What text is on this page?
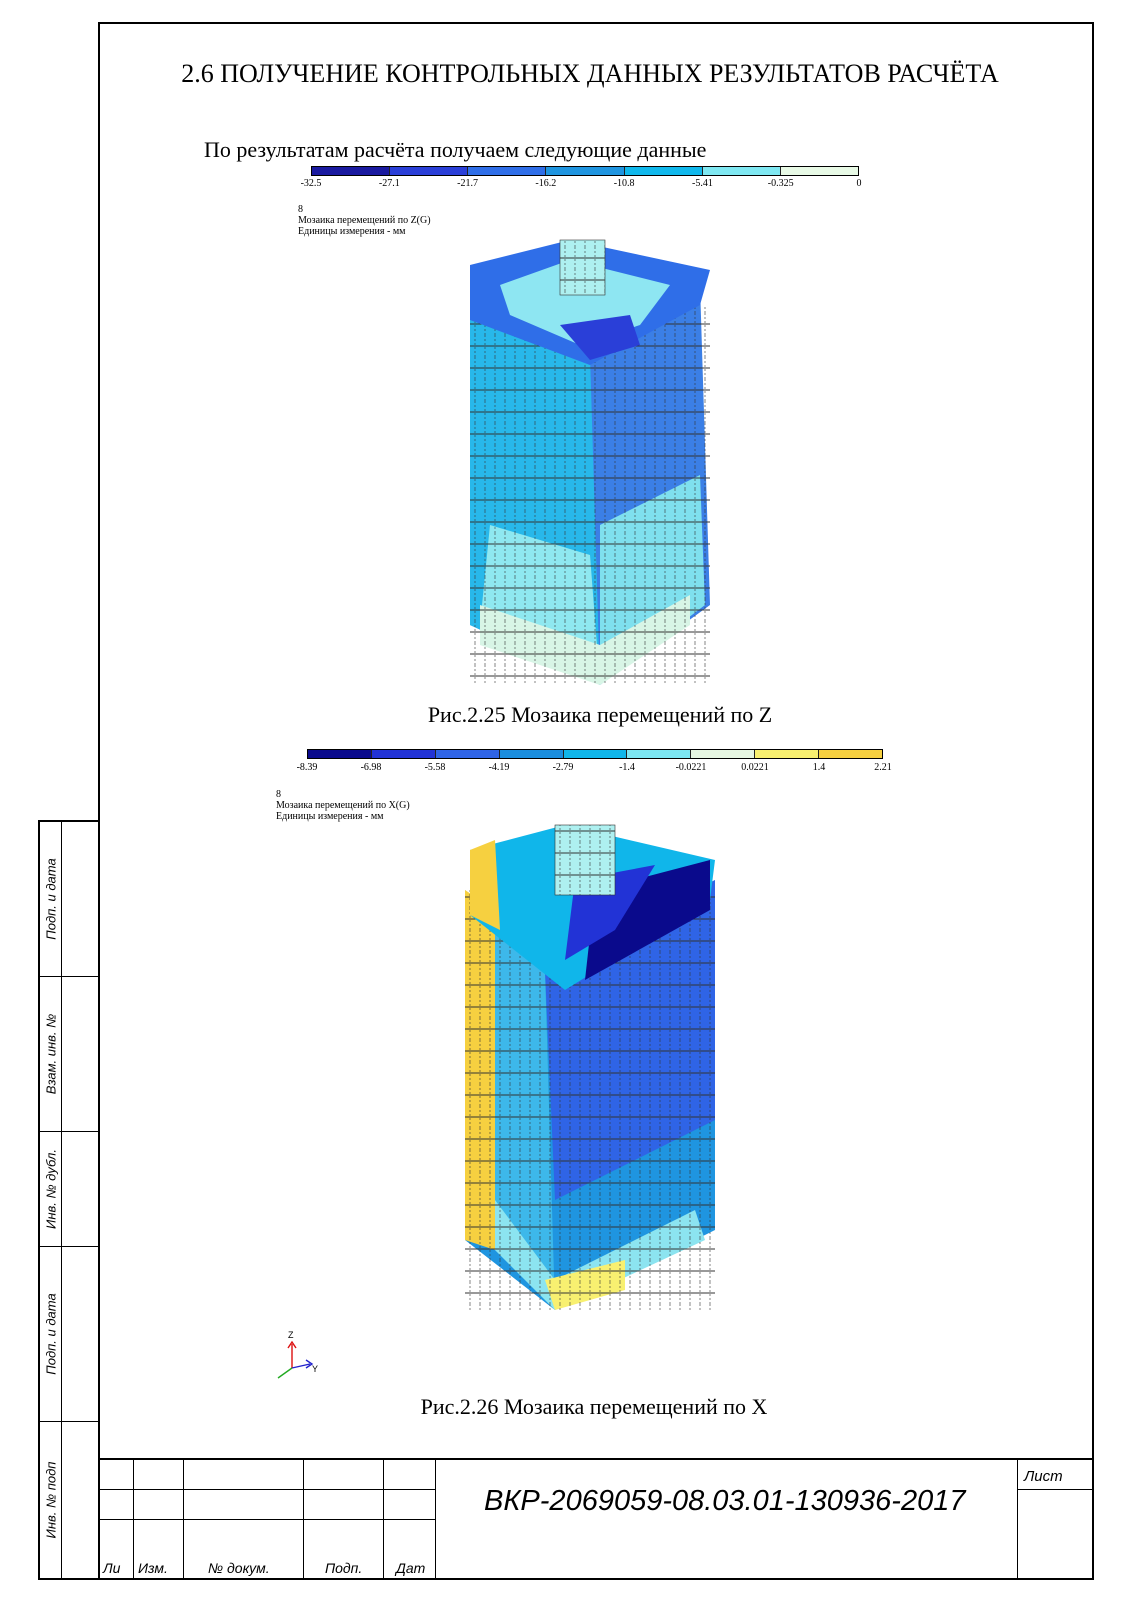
Подп. и дата
Взам. инв. №
Инв. № дубл.
Подп. и дата
Инв. № подп
2.6 ПОЛУЧЕНИЕ КОНТРОЛЬНЫХ ДАННЫХ РЕЗУЛЬТАТОВ РАСЧЁТА
По результатам расчёта получаем следующие данные
-32.5	-27.1	-21.7	-16.2	-10.8	-5.41	-0.325	0
8
Мозаика перемещений по Z(G)
Единицы измерения - мм
Рис.2.25 Мозаика перемещений по Z
-8.39	-6.98	-5.58	-4.19	-2.79	-1.4	-0.0221	0.0221	1.4	2.21
8
Мозаика перемещений по X(G)
Единицы измерения - мм
Z
Y
Рис.2.26 Мозаика перемещений по X
Ли Изм.	№ докум.	Подп. Дат
ВКР-2069059-08.03.01-130936-2017
Лист
